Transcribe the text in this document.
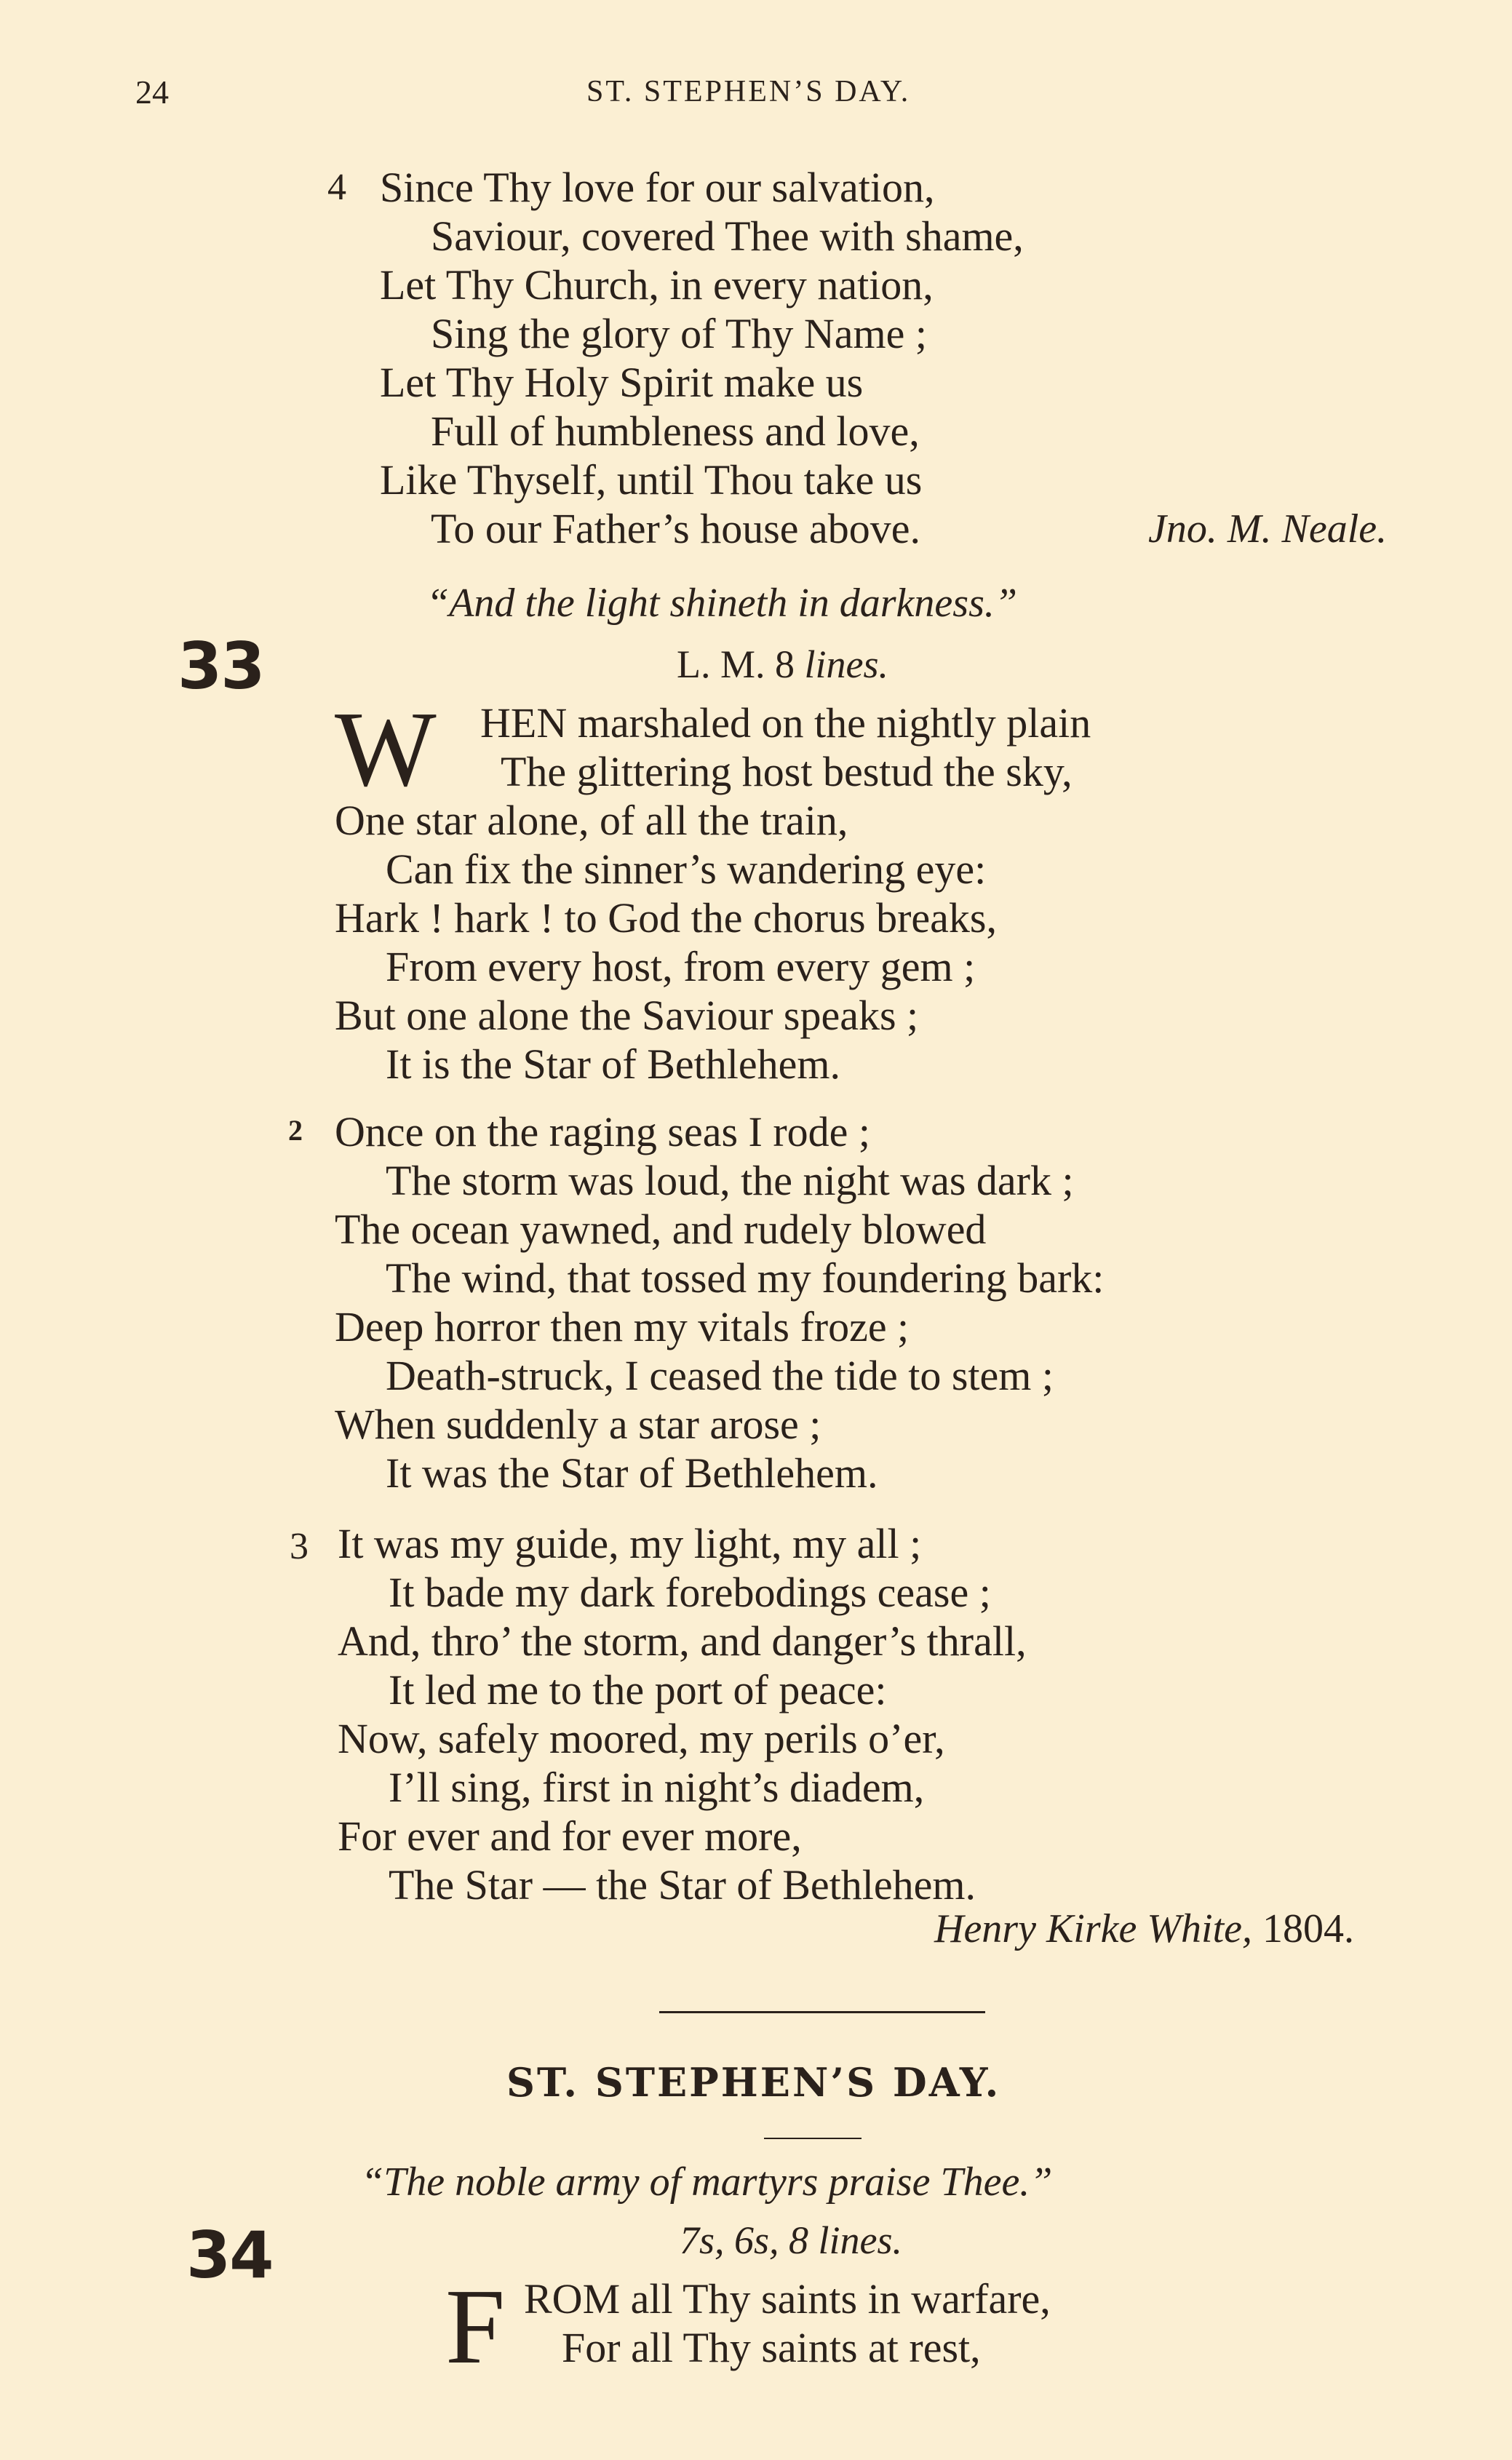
24	ST. STEPHEN’S DAY.
4 Since Thy love for our salvation,
Saviour, covered Thee with shame,
Let Thy Church, in every nation,
Sing the glory of Thy Name ;
Let Thy Holy Spirit make us
Full of humbleness and love,
Like Thyself, until Thou take us
To our Father’s house above.	Jno. M. Neale.
“And the light shineth in darkness.”
33	L. M. 8 lines.
W	HEN marshaled on the nightly plain
The glittering host bestud the sky,
One star alone, of all the train,
Can fix the sinner’s wandering eye:
Hark ! hark ! to God the chorus breaks,
From every host, from every gem ;
But one alone the Saviour speaks ;
It is the Star of Bethlehem.
2 Once on the raging seas I rode ;
The storm was loud, the night was dark ;
The ocean yawned, and rudely blowed
The wind, that tossed my foundering bark:
Deep horror then my vitals froze ;
Death-struck, I ceased the tide to stem ;
When suddenly a star arose ;
It was the Star of Bethlehem.
3 It was my guide, my light, my all ;
It bade my dark forebodings cease ;
And, thro’ the storm, and danger’s thrall,
It led me to the port of peace:
Now, safely moored, my perils o’er,
I’ll sing, first in night’s diadem,
For ever and for ever more,
The Star — the Star of Bethlehem.
Henry Kirke White, 1804.
ST. STEPHEN’S DAY.
“The noble army of martyrs praise Thee.”
34	7s, 6s, 8 lines.
F ROM all Thy saints in warfare,
For all Thy saints at rest,
